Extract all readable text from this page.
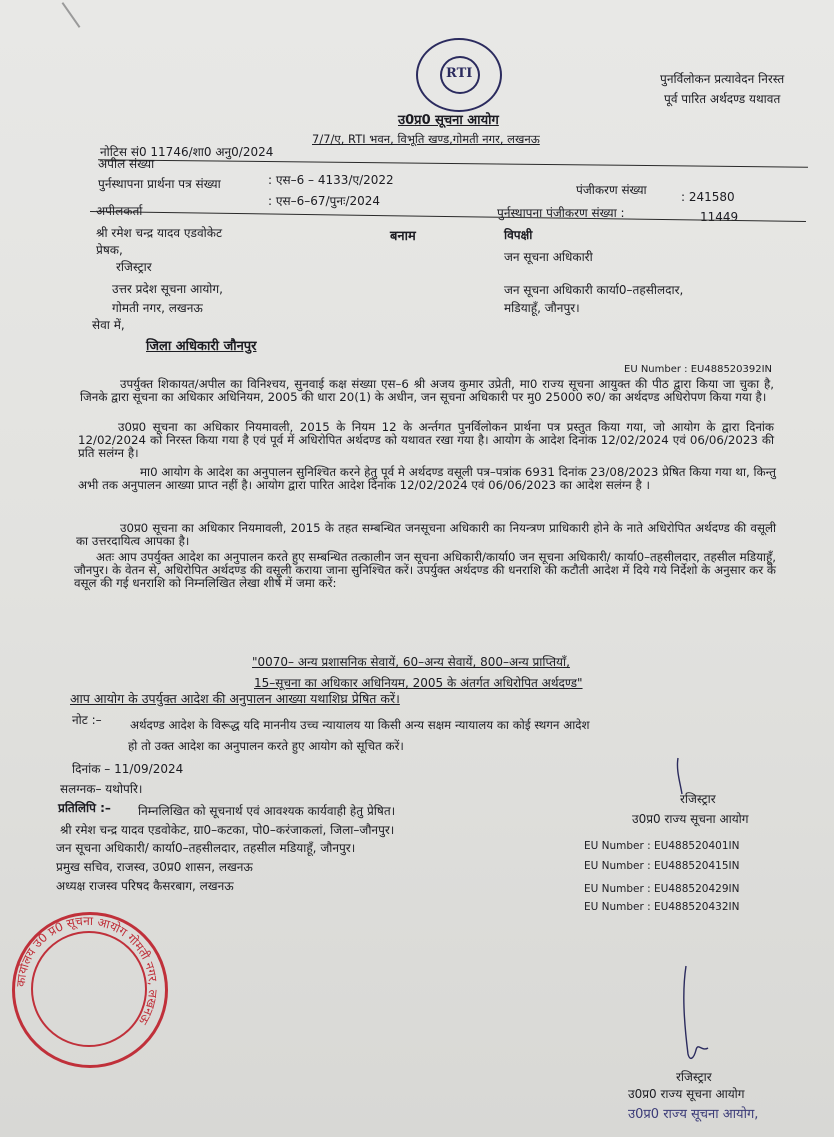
RTI	पुनर्विलोकन प्रत्यावेदन निरस्त
पूर्व पारित अर्थदण्ड यथावत
उ0प्र0 सूचना आयोग
7/7/ए, RTI भवन, विभूति खण्ड,गोमती नगर, लखनऊ
नोटिस सं0 11746/शा0 अनु0/2024
अपील संख्या
: एस–6 – 4133/ए/2022
पुर्नस्थापना प्रार्थना पत्र संख्या
: एस–6–67/पुनः/2024
पंजीकरण संख्या	: 241580
पुर्नस्थापना पंजीकरण संख्या :	11449
अपीलकर्ता
श्री रमेश चन्द्र यादव एडवोकेट	बनाम	विपक्षी
जन सूचना अधिकारी
प्रेषक,
रजिस्ट्रार
उत्तर प्रदेश सूचना आयोग,
गोमती नगर, लखनऊ
जन सूचना अधिकारी कार्या0–तहसीलदार,
मडियाहूँ, जौनपुर।
सेवा में,
जिला अधिकारी जौनपुर
EU Number : EU488520392IN
उपर्युक्त शिकायत/अपील का विनिश्चय, सुनवाई कक्ष संख्या एस–6 श्री अजय कुमार उप्रेती, मा0 राज्य सूचना आयुक्त की पीठ द्वारा किया जा चुका है, जिनके द्वारा सूचना का अधिकार अधिनियम, 2005 की धारा 20(1) के अधीन, जन सूचना अधिकारी पर मु0 25000 रु0/ का अर्थदण्ड अधिरोपण किया गया है।
उ0प्र0 सूचना का अधिकार नियमावली, 2015 के नियम 12 के अर्न्तगत पुनर्विलोकन प्रार्थना पत्र प्रस्तुत किया गया, जो आयोग के द्वारा दिनांक 12/02/2024 को निरस्त किया गया है एवं पूर्व में अधिरोपित अर्थदण्ड को यथावत रखा गया है। आयोग के आदेश दिनांक 12/02/2024 एवं 06/06/2023 की प्रति सलंग्न है।
मा0 आयोग के आदेश का अनुपालन सुनिश्चित करने हेतु पूर्व मे अर्थदण्ड वसूली पत्र–पत्रांक 6931 दिनांक 23/08/2023 प्रेषित किया गया था, किन्तु अभी तक अनुपालन आख्या प्राप्त नहीं है। आयोग द्वारा पारित आदेश दिनांक 12/02/2024 एवं 06/06/2023 का आदेश सलंग्न है ।
उ0प्र0 सूचना का अधिकार नियमावली, 2015 के तहत सम्बन्धित जनसूचना अधिकारी का नियन्त्रण प्राधिकारी होने के नाते अधिरोपित अर्थदण्ड की वसूली का उत्तरदायित्व आपका है।
अतः आप उपर्युक्त आदेश का अनुपालन करते हुए सम्बन्धित तत्कालीन जन सूचना अधिकारी/कार्या0 जन सूचना अधिकारी/ कार्या0–तहसीलदार, तहसील मडियाहूँ, जौनपुर। के वेतन से, अधिरोपित अर्थदण्ड की वसूली कराया जाना सुनिश्चित करें। उपर्युक्त अर्थदण्ड की धनराशि की कटौती आदेश में दिये गये निर्देशो के अनुसार कर के वसूल की गई धनराशि को निम्नलिखित लेखा शीर्ष में जमा करें:
"0070– अन्य प्रशासनिक सेवायें, 60–अन्य सेवायें, 800–अन्य प्राप्तियाँ,
15–सूचना का अधिकार अधिनियम, 2005 के अंतर्गत अधिरोपित अर्थदण्ड"
आप आयोग के उपर्युक्त आदेश की अनुपालन आख्या यथाशिघ्र प्रेषित करें।
नोट :– अर्थदण्ड आदेश के विरूद्ध यदि माननीय उच्च न्यायालय या किसी अन्य सक्षम न्यायालय का कोई स्थगन आदेश
हो तो उक्त आदेश का अनुपालन करते हुए आयोग को सूचित करें।
दिनांक – 11/09/2024
सलग्नक– यथोपरि।
प्रतिलिपि :– निम्नलिखित को सूचनार्थ एवं आवश्यक कार्यवाही हेतु प्रेषित।
श्री रमेश चन्द्र यादव एडवोकेट, ग्रा0–कटका, पो0–करंजाकलां, जिला–जौनपुर।
जन सूचना अधिकारी/ कार्या0–तहसीलदार, तहसील मडियाहूँ, जौनपुर।
प्रमुख सचिव, राजस्व, उ0प्र0 शासन, लखनऊ
अध्यक्ष राजस्व परिषद कैसरबाग, लखनऊ
EU Number : EU488520401IN
EU Number : EU488520415IN
EU Number : EU488520429IN
EU Number : EU488520432IN
रजिस्ट्रार
उ0प्र0 राज्य सूचना आयोग
रजिस्ट्रार
उ0प्र0 राज्य सूचना आयोग
उ0प्र0 राज्य सूचना आयोग,
कार्यालय उ0 प्र0 सूचना आयोग गोमती नगर, लखनऊ
